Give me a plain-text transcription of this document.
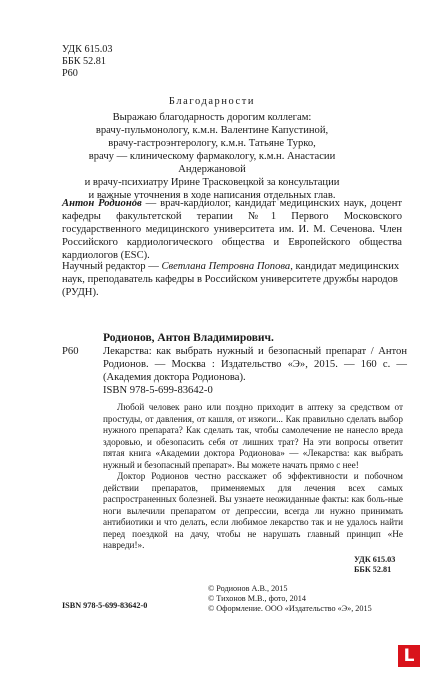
УДК 615.03
ББК 52.81
Р60
Благодарности
Выражаю благодарность дорогим коллегам:
врачу-пульмонологу, к.м.н. Валентине Капустиной,
врачу-гастроэнтерологу, к.м.н. Татьяне Турко,
врачу — клиническому фармакологу, к.м.н. Анастасии Андержановой
и врачу-психиатру Ирине Трасковецкой за консультации
и важные уточнения в ходе написания отдельных глав.
Антон Родионов — врач-кардиолог, кандидат медицинских наук, доцент кафедры факультетской терапии №1 Первого Московского государственного медицинского университета им. И. М. Сеченова. Член Российского кардиологического общества и Европейского общества кардиологов (ESC).
Научный редактор — Светлана Петровна Попова, кандидат медицинских наук, преподаватель кафедры в Российском университете дружбы народов (РУДН).
Родионов, Антон Владимирович.
Р60	Лекарства: как выбрать нужный и безопасный препарат / Антон Родионов. — Москва : Издательство «Э», 2015. — 160 с. — (Академия доктора Родионова).
ISBN 978-5-699-83642-0

Любой человек рано или поздно приходит в аптеку за средством от простуды, от давления, от кашля, от изжоги... Как правильно сделать выбор нужного препарата? Как сделать так, чтобы самолечение не нанесло вреда здоровью, и обезопасить себя от лишних трат? На эти вопросы ответит пятая книга «Академии доктора Родионова» — «Лекарства: как выбрать нужный и безопасный препарат». Вы можете начать прямо с нее!

Доктор Родионов честно расскажет об эффективности и побочном действии препаратов, применяемых для лечения всех самых распространенных болезней. Вы узнаете неожиданные факты: как боль-ные ноги вылечили препаратом от депрессии, всегда ли нужно принимать антибиотики и что делать, если любимое лекарство так и не удалось найти перед поездкой на дачу, чтобы не нарушать главный принцип «Не навреди!».

УДК 615.03
ББК 52.81
ISBN 978-5-699-83642-0
© Родионов А.В., 2015
© Тихонов М.В., фото, 2014
© Оформление. ООО «Издательство «Э», 2015
L
